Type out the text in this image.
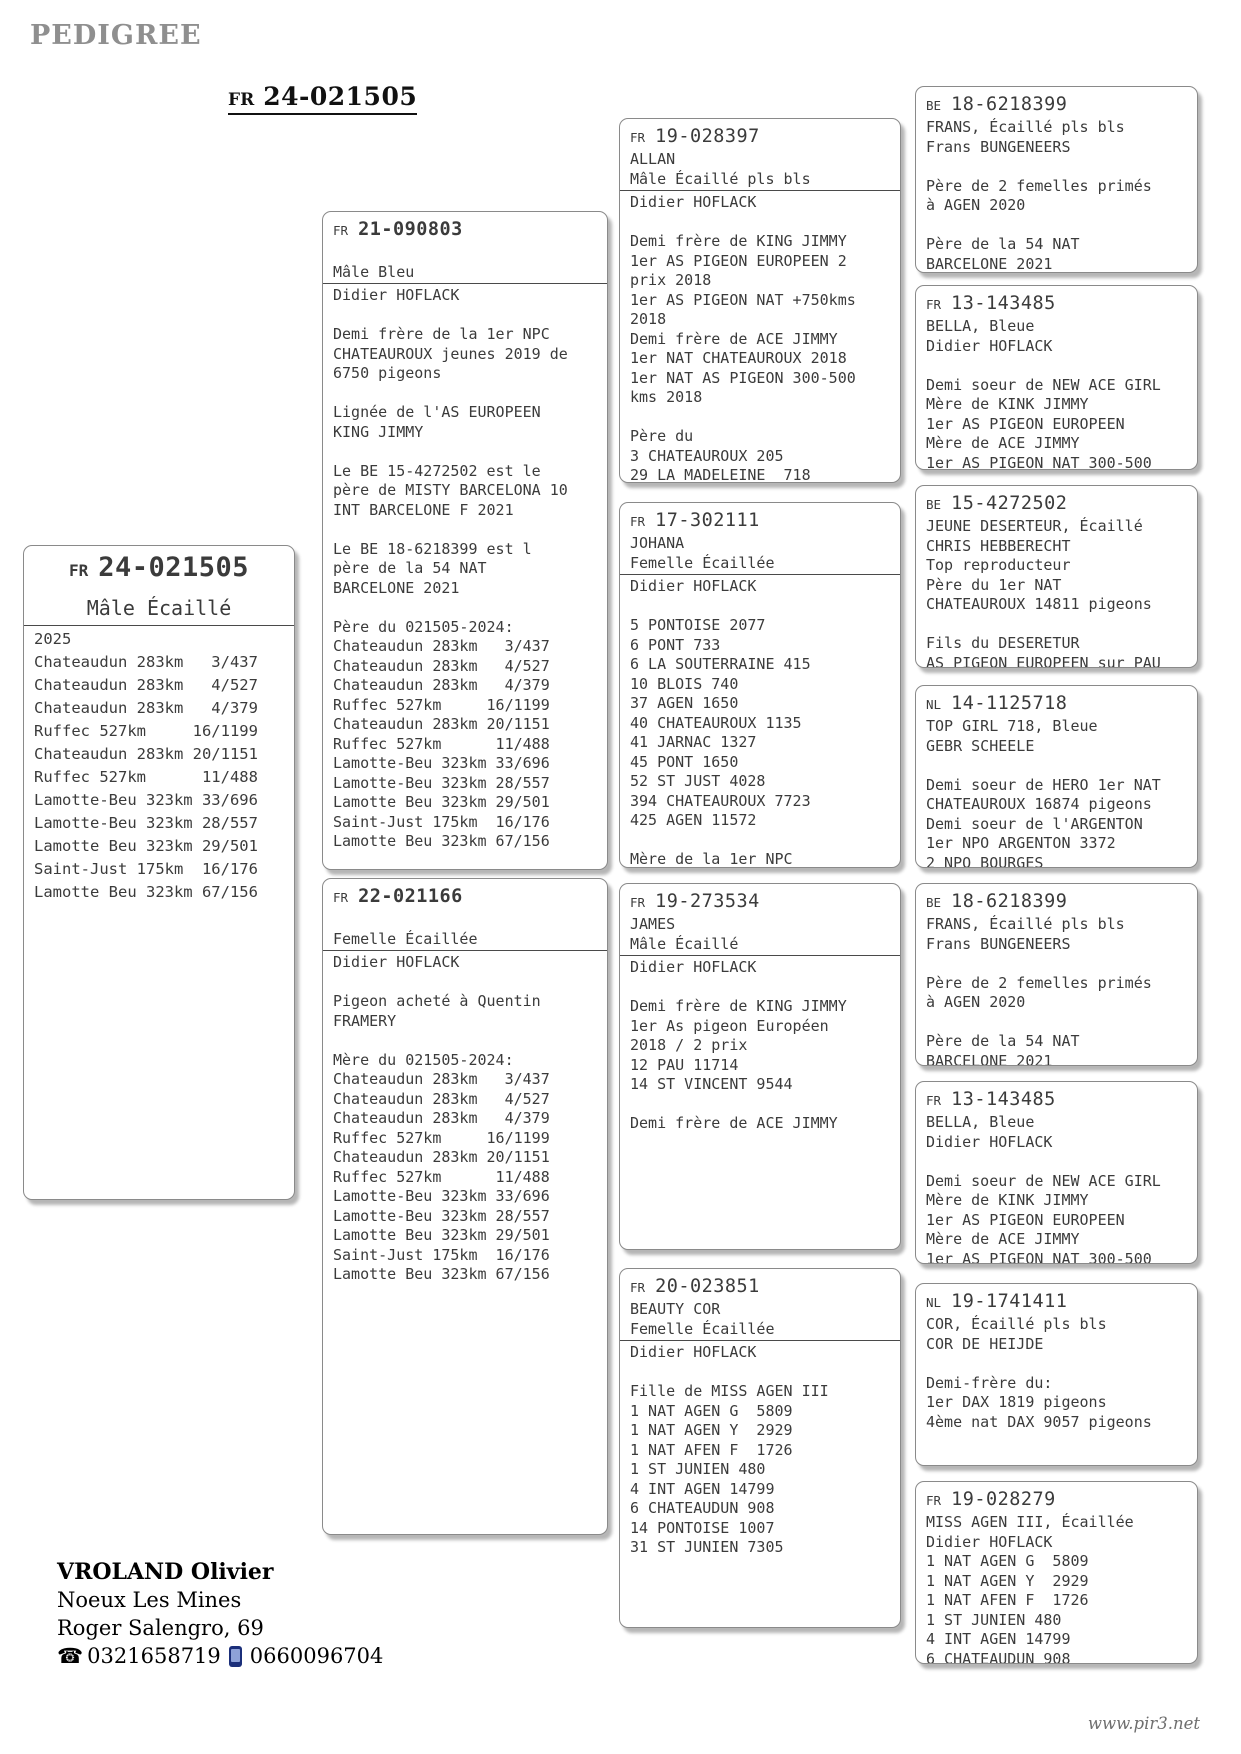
PEDIGREE
FR 24-021505
FR 24-021505
Mâle Écaillé
2025
Chateaudun 283km   3/437
Chateaudun 283km   4/527
Chateaudun 283km   4/379
Ruffec 527km     16/1199
Chateaudun 283km 20/1151
Ruffec 527km      11/488
Lamotte-Beu 323km 33/696
Lamotte-Beu 323km 28/557
Lamotte Beu 323km 29/501
Saint-Just 175km  16/176
Lamotte Beu 323km 67/156
FR 21-090803

Mâle Bleu
Didier HOFLACK

Demi frère de la 1er NPC
CHATEAUROUX jeunes 2019 de
6750 pigeons

Lignée de l'AS EUROPEEN
KING JIMMY

Le BE 15-4272502 est le
père de MISTY BARCELONA 10
INT BARCELONE F 2021

Le BE 18-6218399 est l
père de la 54 NAT
BARCELONE 2021

Père du 021505-2024:
Chateaudun 283km   3/437
Chateaudun 283km   4/527
Chateaudun 283km   4/379
Ruffec 527km     16/1199
Chateaudun 283km 20/1151
Ruffec 527km      11/488
Lamotte-Beu 323km 33/696
Lamotte-Beu 323km 28/557
Lamotte Beu 323km 29/501
Saint-Just 175km  16/176
Lamotte Beu 323km 67/156
FR 22-021166

Femelle Écaillée
Didier HOFLACK

Pigeon acheté à Quentin
FRAMERY

Mère du 021505-2024:
Chateaudun 283km   3/437
Chateaudun 283km   4/527
Chateaudun 283km   4/379
Ruffec 527km     16/1199
Chateaudun 283km 20/1151
Ruffec 527km      11/488
Lamotte-Beu 323km 33/696
Lamotte-Beu 323km 28/557
Lamotte Beu 323km 29/501
Saint-Just 175km  16/176
Lamotte Beu 323km 67/156
FR 19-028397
ALLAN
Mâle Écaillé pls bls
Didier HOFLACK

Demi frère de KING JIMMY
1er AS PIGEON EUROPEEN 2
prix 2018
1er AS PIGEON NAT +750kms
2018
Demi frère de ACE JIMMY
1er NAT CHATEAUROUX 2018
1er NAT AS PIGEON 300-500
kms 2018

Père du
3 CHATEAUROUX 205
29 LA MADELEINE  718
FR 17-302111
JOHANA
Femelle Écaillée
Didier HOFLACK

5 PONTOISE 2077
6 PONT 733
6 LA SOUTERRAINE 415
10 BLOIS 740
37 AGEN 1650
40 CHATEAUROUX 1135
41 JARNAC 1327
45 PONT 1650
52 ST JUST 4028
394 CHATEAUROUX 7723
425 AGEN 11572

Mère de la 1er NPC
FR 19-273534
JAMES
Mâle Écaillé
Didier HOFLACK

Demi frère de KING JIMMY
1er As pigeon Européen
2018 / 2 prix
12 PAU 11714
14 ST VINCENT 9544

Demi frère de ACE JIMMY
FR 20-023851
BEAUTY COR
Femelle Écaillée
Didier HOFLACK

Fille de MISS AGEN III
1 NAT AGEN G  5809
1 NAT AGEN Y  2929
1 NAT AFEN F  1726
1 ST JUNIEN 480
4 INT AGEN 14799
6 CHATEAUDUN 908
14 PONTOISE 1007
31 ST JUNIEN 7305
BE 18-6218399
FRANS, Écaillé pls bls
Frans BUNGENEERS

Père de 2 femelles primés
à AGEN 2020

Père de la 54 NAT
BARCELONE 2021
FR 13-143485
BELLA, Bleue
Didier HOFLACK

Demi soeur de NEW ACE GIRL
Mère de KINK JIMMY
1er AS PIGEON EUROPEEN
Mère de ACE JIMMY
1er AS PIGEON NAT 300-500
BE 15-4272502
JEUNE DESERTEUR, Écaillé
CHRIS HEBBERECHT
Top reproducteur
Père du 1er NAT
CHATEAUROUX 14811 pigeons

Fils du DESERETUR
AS PIGEON EUROPEEN sur PAU
NL 14-1125718
TOP GIRL 718, Bleue
GEBR SCHEELE

Demi soeur de HERO 1er NAT
CHATEAUROUX 16874 pigeons
Demi soeur de l'ARGENTON
1er NPO ARGENTON 3372
2 NPO BOURGES
BE 18-6218399
FRANS, Écaillé pls bls
Frans BUNGENEERS

Père de 2 femelles primés
à AGEN 2020

Père de la 54 NAT
BARCELONE 2021
FR 13-143485
BELLA, Bleue
Didier HOFLACK

Demi soeur de NEW ACE GIRL
Mère de KINK JIMMY
1er AS PIGEON EUROPEEN
Mère de ACE JIMMY
1er AS PIGEON NAT 300-500
NL 19-1741411
COR, Écaillé pls bls
COR DE HEIJDE

Demi-frère du:
1er DAX 1819 pigeons
4ème nat DAX 9057 pigeons
FR 19-028279
MISS AGEN III, Écaillée
Didier HOFLACK
1 NAT AGEN G  5809
1 NAT AGEN Y  2929
1 NAT AFEN F  1726
1 ST JUNIEN 480
4 INT AGEN 14799
6 CHATEAUDUN 908
VROLAND Olivier
Noeux Les Mines
Roger Salengro, 69
☎ 0321658719 0660096704
www.pir3.net
